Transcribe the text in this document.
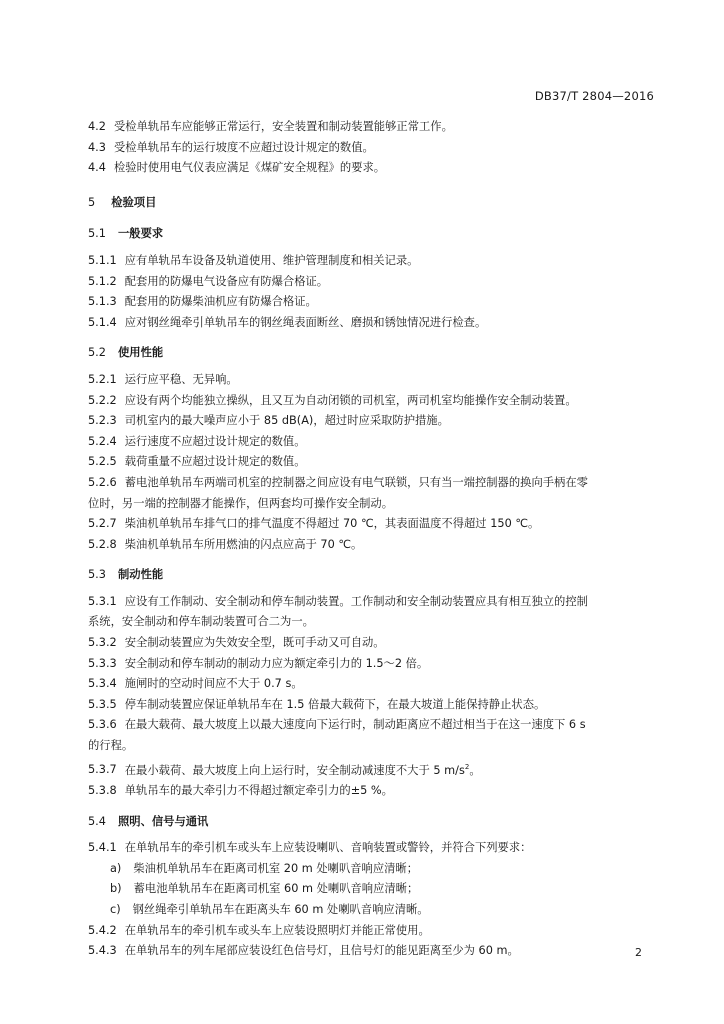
DB37/T 2804—2016
4.2 受检单轨吊车应能够正常运行，安全装置和制动装置能够正常工作。
4.3 受检单轨吊车的运行坡度不应超过设计规定的数值。
4.4 检验时使用电气仪表应满足《煤矿安全规程》的要求。
5 检验项目
5.1 一般要求
5.1.1 应有单轨吊车设备及轨道使用、维护管理制度和相关记录。
5.1.2 配套用的防爆电气设备应有防爆合格证。
5.1.3 配套用的防爆柴油机应有防爆合格证。
5.1.4 应对钢丝绳牵引单轨吊车的钢丝绳表面断丝、磨损和锈蚀情况进行检查。
5.2 使用性能
5.2.1 运行应平稳、无异响。
5.2.2 应设有两个均能独立操纵，且又互为自动闭锁的司机室，两司机室均能操作安全制动装置。
5.2.3 司机室内的最大噪声应小于 85 dB(A)，超过时应采取防护措施。
5.2.4 运行速度不应超过设计规定的数值。
5.2.5 载荷重量不应超过设计规定的数值。
5.2.6 蓄电池单轨吊车两端司机室的控制器之间应设有电气联锁，只有当一端控制器的换向手柄在零
位时，另一端的控制器才能操作，但两套均可操作安全制动。
5.2.7 柴油机单轨吊车排气口的排气温度不得超过 70 ℃，其表面温度不得超过 150 ℃。
5.2.8 柴油机单轨吊车所用燃油的闪点应高于 70 ℃。
5.3 制动性能
5.3.1 应设有工作制动、安全制动和停车制动装置。工作制动和安全制动装置应具有相互独立的控制
系统，安全制动和停车制动装置可合二为一。
5.3.2 安全制动装置应为失效安全型，既可手动又可自动。
5.3.3 安全制动和停车制动的制动力应为额定牵引力的 1.5～2 倍。
5.3.4 施闸时的空动时间应不大于 0.7 s。
5.3.5 停车制动装置应保证单轨吊车在 1.5 倍最大载荷下，在最大坡道上能保持静止状态。
5.3.6 在最大载荷、最大坡度上以最大速度向下运行时，制动距离应不超过相当于在这一速度下 6 s
的行程。
5.3.7 在最小载荷、最大坡度上向上运行时，安全制动减速度不大于 5 $m/s^2$。
5.3.8 单轨吊车的最大牵引力不得超过额定牵引力的±5 %。
5.4 照明、信号与通讯
5.4.1 在单轨吊车的牵引机车或头车上应装设喇叭、音响装置或警铃，并符合下列要求：
a) 柴油机单轨吊车在距离司机室 20 m 处喇叭音响应清晰；
b) 蓄电池单轨吊车在距离司机室 60 m 处喇叭音响应清晰；
c) 钢丝绳牵引单轨吊车在距离头车 60 m 处喇叭音响应清晰。
5.4.2 在单轨吊车的牵引机车或头车上应装设照明灯并能正常使用。
5.4.3 在单轨吊车的列车尾部应装设红色信号灯，且信号灯的能见距离至少为 60 m。	2
